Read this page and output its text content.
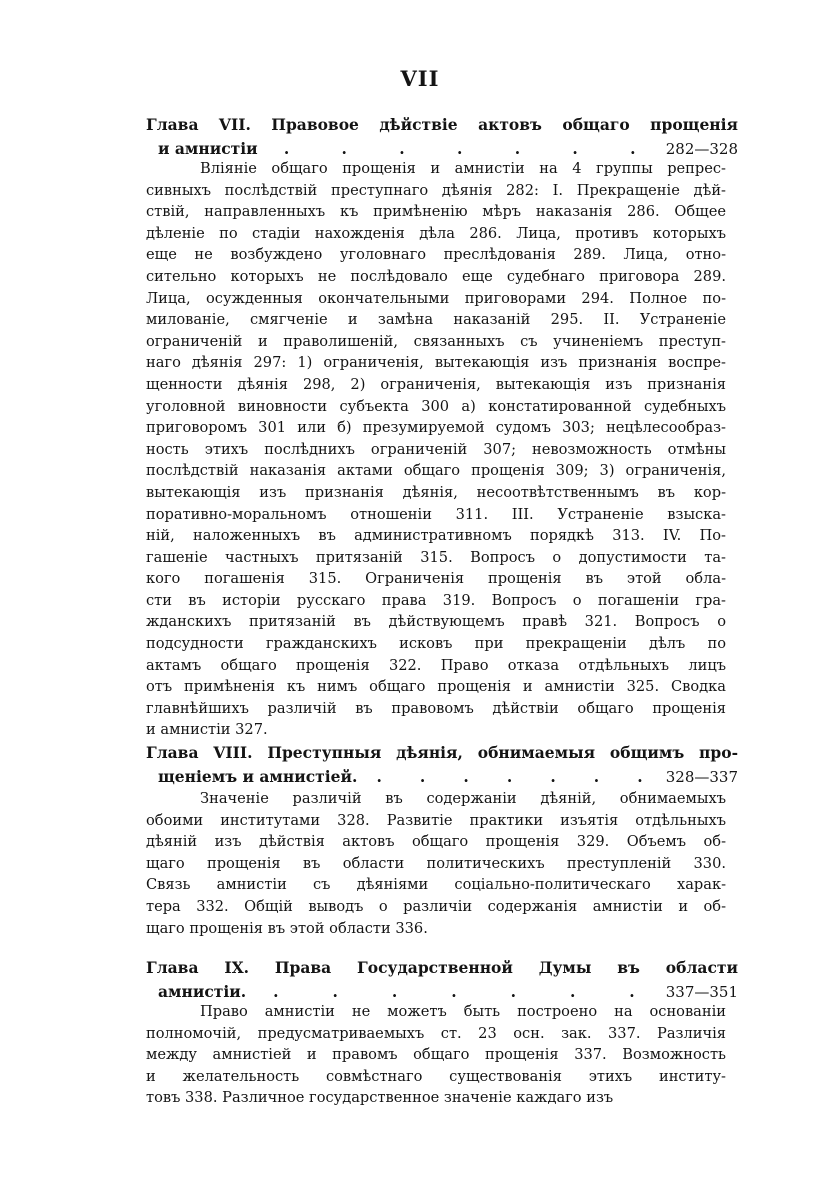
VII
Глава VII. Правовое дѣйствіе актовъ общаго прощенія
и амнистіи .	.	.	.	.	.	. 282—328
Вліяніе общаго прощенія и амнистіи на 4 группы репрес-
сивныхъ послѣдствій преступнаго дѣянія 282: I. Прекращеніе дѣй-
ствій, направленныхъ къ примѣненію мѣръ наказанія 286. Общее
дѣленіе по стадіи нахожденія дѣла 286. Лица, противъ которыхъ
еще не возбуждено уголовнаго преслѣдованія 289. Лица, отно-
сительно которыхъ не послѣдовало еще судебнаго приговора 289.
Лица, осужденныя окончательными приговорами 294. Полное по-
милованіе, смягченіе и замѣна наказаній 295. II. Устраненіе
ограниченій и праволишеній, связанныхъ съ учиненіемъ преступ-
наго дѣянія 297: 1) ограниченія, вытекающія изъ признанія воспре-
щенности дѣянія 298, 2) ограниченія, вытекающія изъ признанія
уголовной виновности субъекта 300 а) констатированной судебныхъ
приговоромъ 301 или б) презумируемой судомъ 303; нецѣлесообраз-
ность этихъ послѣднихъ ограниченій 307; невозможность отмѣны
послѣдствій наказанія актами общаго прощенія 309; 3) ограниченія,
вытекающія изъ признанія дѣянія, несоотвѣтственнымъ въ кор-
поративно-моральномъ отношеніи 311. III. Устраненіе взыска-
ній, наложенныхъ въ административномъ порядкѣ 313. IV. По-
гашеніе частныхъ притязаній 315. Вопросъ о допустимости та-
кого погашенія 315. Ограниченія прощенія въ этой обла-
сти въ исторіи русскаго права 319. Вопросъ о погашеніи гра-
жданскихъ притязаній въ дѣйствующемъ правѣ 321. Вопросъ о
подсудности гражданскихъ исковъ при прекращеніи дѣлъ по
актамъ общаго прощенія 322. Право отказа отдѣльныхъ лицъ
отъ примѣненія къ нимъ общаго прощенія и амнистіи 325. Сводка
главнѣйшихъ различій въ правовомъ дѣйствіи общаго прощенія
и амнистіи 327.
Глава VIII. Преступныя дѣянія, обнимаемыя общимъ про-
щеніемъ и амнистіей. . . . . . . . 328—337
Значеніе различій въ содержаніи дѣяній, обнимаемыхъ
обоими институтами 328. Развитіе практики изъятія отдѣльныхъ
дѣяній изъ дѣйствія актовъ общаго прощенія 329. Объемъ об-
щаго прощенія въ области политическихъ преступленій 330.
Связь амнистіи съ дѣяніями соціально-политическаго харак-
тера 332. Общій выводъ о различіи содержанія амнистіи и об-
щаго прощенія въ этой области 336.
Глава IX. Права Государственной Думы въ области
амнистіи. .	.	.	.	.	.	. 337—351
Право амнистіи не можетъ быть построено на основаніи
полномочій, предусматриваемыхъ ст. 23 осн. зак. 337. Различія
между амнистіей и правомъ общаго прощенія 337. Возможность
и желательность совмѣстнаго существованія этихъ институ-
товъ 338. Различное государственное значеніе каждаго изъ
